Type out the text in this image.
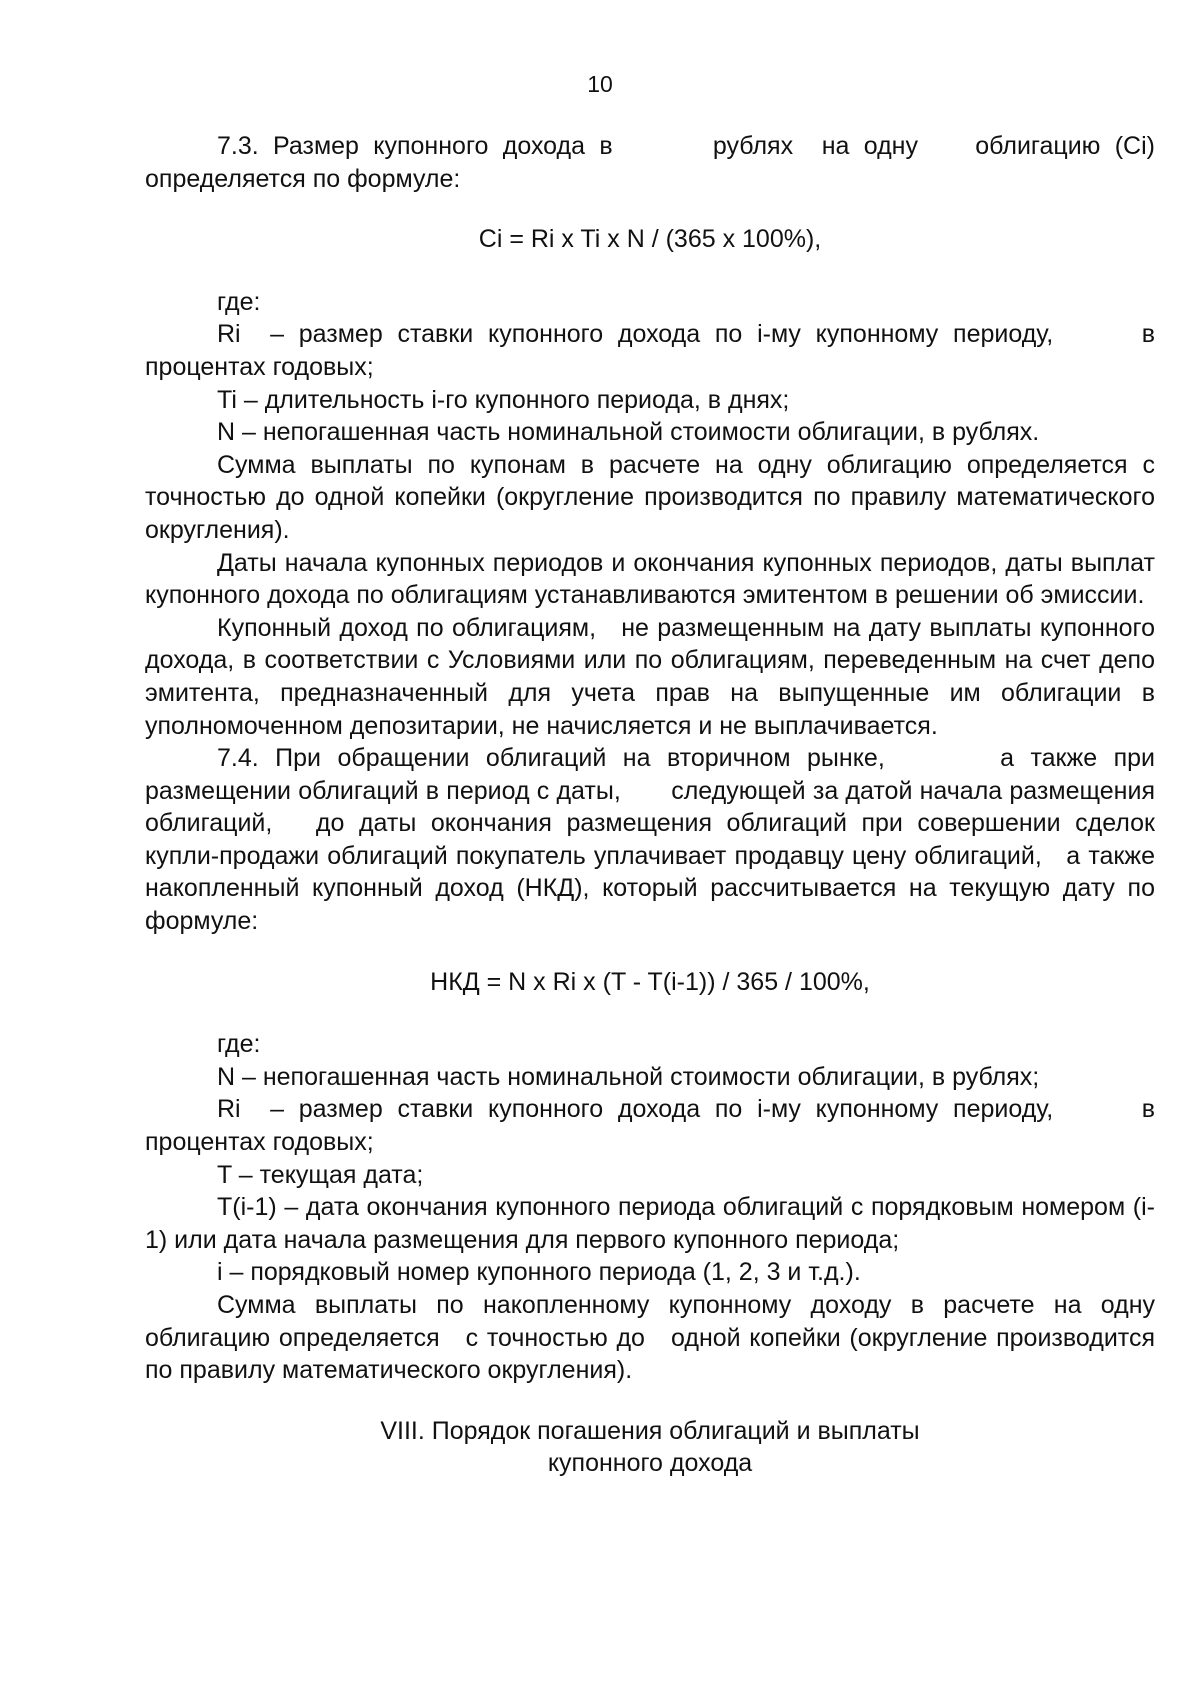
10

7.3. Размер купонного дохода в       рублях  на одну    облигацию (Ci) определяется по формуле:

Ci = Ri x Ti x N / (365 x 100%),

где:

Ri  – размер ставки купонного дохода по i-му купонному периоду,      в процентах годовых;

Ti – длительность i-го купонного периода, в днях;

N – непогашенная часть номинальной стоимости облигации, в рублях.

Сумма выплаты по купонам в расчете на одну облигацию определяется с точностью до одной копейки (округление производится по правилу математического округления).

Даты начала купонных периодов и окончания купонных периодов, даты выплат купонного дохода по облигациям устанавливаются эмитентом в решении об эмиссии.

Купонный доход по облигациям,   не размещенным на дату выплаты купонного дохода, в соответствии с Условиями или по облигациям, переведенным на счет депо эмитента, предназначенный для учета прав на выпущенные им облигации в уполномоченном депозитарии, не начисляется и не выплачивается.

7.4. При обращении облигаций на вторичном рынке,       а также при размещении облигаций в период с даты,       следующей за датой начала размещения облигаций,   до даты окончания размещения облигаций при совершении сделок купли-продажи облигаций покупатель уплачивает продавцу цену облигаций,   а также накопленный купонный доход (НКД), который рассчитывается на текущую дату по формуле:

НКД = N x Ri x (T - T(i-1)) / 365 / 100%,

где:

N – непогашенная часть номинальной стоимости облигации, в рублях;

Ri  – размер ставки купонного дохода по i-му купонному периоду,      в процентах годовых;

T – текущая дата;

T(i-1) – дата окончания купонного периода облигаций с порядковым номером (i-1) или дата начала размещения для первого купонного периода;

i – порядковый номер купонного периода (1, 2, 3 и т.д.).

Сумма выплаты по накопленному купонному доходу в расчете на одну облигацию определяется   с точностью до   одной копейки (округление производится по правилу математического округления).

VIII. Порядок погашения облигаций и выплаты

купонного дохода
